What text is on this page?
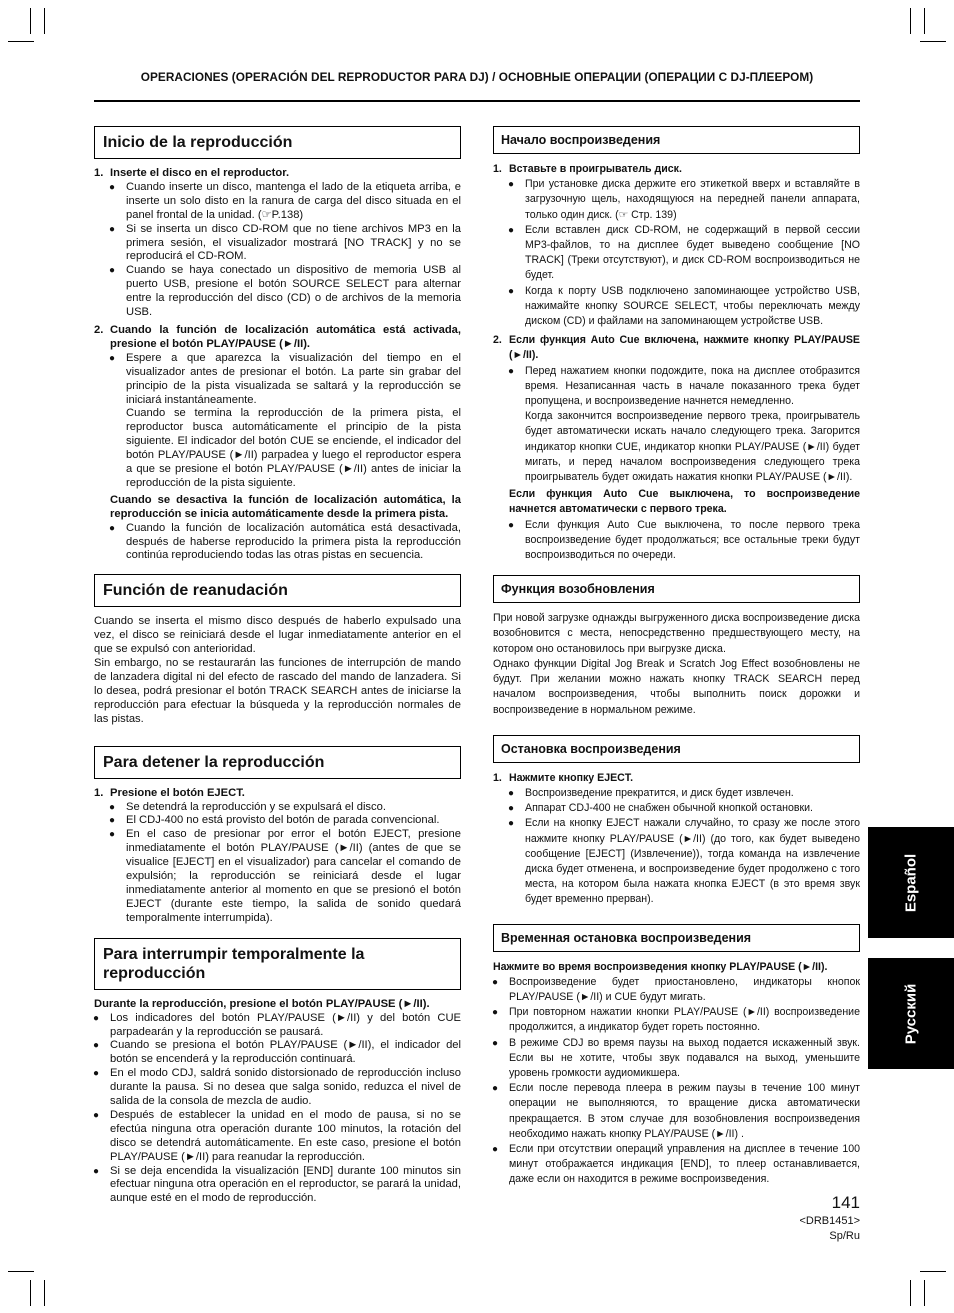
OPERACIONES (OPERACIÓN DEL REPRODUCTOR PARA DJ) / ОСНОВНЫЕ ОПЕРАЦИИ (ОПЕРАЦИИ С DJ-ПЛЕЕРОМ)
Inicio de la reproducción
1. Inserte el disco en el reproductor.
● Cuando inserte un disco, mantenga el lado de la etiqueta arriba, e inserte un solo disto en la ranura de carga del disco situada en el panel frontal de la unidad. (☞P.138)
● Si se inserta un disco CD-ROM que no tiene archivos MP3 en la primera sesión, el visualizador mostrará [NO TRACK] y no se reproducirá el CD-ROM.
● Cuando se haya conectado un dispositivo de memoria USB al puerto USB, presione el botón SOURCE SELECT para alternar entre la reproducción del disco (CD) o de archivos de la memoria USB.
2. Cuando la función de localización automática está activada, presione el botón PLAY/PAUSE (►/II).
● Espere a que aparezca la visualización del tiempo en el visualizador antes de presionar el botón. La parte sin grabar del principio de la pista visualizada se saltará y la reproducción se iniciará instantáneamente.
Cuando se termina la reproducción de la primera pista, el reproductor busca automáticamente el principio de la pista siguiente. El indicador del botón CUE se enciende, el indicador del botón PLAY/PAUSE (►/II) parpadea y luego el reproductor espera a que se presione el botón PLAY/PAUSE (►/II) antes de iniciar la reproducción de la pista siguiente.
Cuando se desactiva la función de localización automática, la reproducción se inicia automáticamente desde la primera pista.
● Cuando la función de localización automática está desactivada, después de haberse reproducido la primera pista la reproducción continúa reproduciendo todas las otras pistas en secuencia.
Función de reanudación

Cuando se inserta el mismo disco después de haberlo expulsado una vez, el disco se reiniciará desde el lugar inmediatamente anterior en el que se expulsó con anterioridad.

Sin embargo, no se restaurarán las funciones de interrupción de mando de lanzadera digital ni del efecto de rascado del mando de lanzadera. Si lo desea, podrá presionar el botón TRACK SEARCH antes de iniciarse la reproducción para efectuar la búsqueda y la reproducción normales de las pistas.

Para detener la reproducción
1. Presione el botón EJECT.
● Se detendrá la reproducción y se expulsará el disco.
● El CDJ-400 no está provisto del botón de parada convencional.
● En el caso de presionar por error el botón EJECT, presione inmediatamente el botón PLAY/PAUSE (►/II) (antes de que se visualice [EJECT] en el visualizador) para cancelar el comando de expulsión; la reproducción se reiniciará desde el lugar inmediatamente anterior al momento en que se presionó el botón EJECT (durante este tiempo, la salida de sonido quedará temporalmente interrumpida).
Para interrumpir temporalmente la reproducción

Durante la reproducción, presione el botón PLAY/PAUSE (►/II).

● Los indicadores del botón PLAY/PAUSE (►/II) y del botón CUE parpadearán y la reproducción se pausará.
● Cuando se presiona el botón PLAY/PAUSE (►/II), el indicador del botón se encenderá y la reproducción continuará.
● En el modo CDJ, saldrá sonido distorsionado de reproducción incluso durante la pausa. Si no desea que salga sonido, reduzca el nivel de salida de la consola de mezcla de audio.
● Después de establecer la unidad en el modo de pausa, si no se efectúa ninguna otra operación durante 100 minutos, la rotación del disco se detendrá automáticamente. En este caso, presione el botón PLAY/PAUSE (►/II) para reanudar la reproducción.
● Si se deja encendida la visualización [END] durante 100 minutos sin efectuar ninguna otra operación en el reproductor, se parará la unidad, aunque esté en el modo de reproducción.
Начало воспроизведения
1. Вставьте в проигрыватель диск.
● При установке диска держите его этикеткой вверх и вставляйте в загрузочную щель, находящуюся на передней панели аппарата, только один диск. (☞ Стр. 139)
● Если вставлен диск CD-ROM, не содержащий в первой сессии MP3-файлов, то на дисплее будет выведено сообщение [NO TRACK] (Треки отсутствуют), и диск CD-ROM воспроизводиться не будет.
● Когда к порту USB подключено запоминающее устройство USB, нажимайте кнопку SOURCE SELECT, чтобы переключать между диском (CD) и файлами на запоминающем устройстве USB.
2. Если функция Auto Cue включена, нажмите кнопку PLAY/PAUSE (►/II).
● Перед нажатием кнопки подождите, пока на дисплее отобразится время. Незаписанная часть в начале показанного трека будет пропущена, и воспроизведение начнется немедленно.
Когда закончится воспроизведение первого трека, проигрыватель будет автоматически искать начало следующего трека. Загорится индикатор кнопки CUE, индикатор кнопки PLAY/PAUSE (►/II) будет мигать, и перед началом воспроизведения следующего трека проигрыватель будет ожидать нажатия кнопки PLAY/PAUSE (►/II).
Если функция Auto Cue выключена, то воспроизведение начнется автоматически с первого трека.
● Если функция Auto Cue выключена, то после первого трека воспроизведение будет продолжаться; все остальные треки будут воспроизводиться по очереди.
Функция возобновления

При новой загрузке однажды выгруженного диска воспроизведение диска возобновится с места, непосредственно предшествующего месту, на котором оно остановилось при выгрузке диска.

Однако функции Digital Jog Break и Scratch Jog Effect возобновлены не будут. При желании можно нажать кнопку TRACK SEARCH перед началом воспроизведения, чтобы выполнить поиск дорожки и воспроизведение в нормальном режиме.

Остановка воспроизведения
1. Нажмите кнопку EJECT.
● Воспроизведение прекратится, и диск будет извлечен.
● Аппарат CDJ-400 не снабжен обычной кнопкой остановки.
● Если на кнопку EJECT нажали случайно, то сразу же после этого нажмите кнопку PLAY/PAUSE (►/II) (до того, как будет выведено сообщение [EJECT] (Извлечение)), тогда команда на извлечение диска будет отменена, и воспроизведение будет продолжено с того места, на котором была нажата кнопка EJECT (в это время звук будет временно прерван).
Временная остановка воспроизведения

Нажмите во время воспроизведения кнопку PLAY/PAUSE (►/II).

● Воспроизведение будет приостановлено, индикаторы кнопок PLAY/PAUSE (►/II) и CUE будут мигать.
● При повторном нажатии кнопки PLAY/PAUSE (►/II) воспроизведение продолжится, а индикатор будет гореть постоянно.
● В режиме CDJ во время паузы на выход подается искаженный звук. Если вы не хотите, чтобы звук подавался на выход, уменьшите уровень громкости аудиомикшера.
● Если после перевода плеера в режим паузы в течение 100 минут операции не выполняются, то вращение диска автоматически прекращается. В этом случае для возобновления воспроизведения необходимо нажать кнопку PLAY/PAUSE (►/II) .
● Если при отсутствии операций управления на дисплее в течение 100 минут отображается индикация [END], то плеер останавливается, даже если он находится в режиме воспроизведения.
Español
Русский
141
<DRB1451>
Sp/Ru
